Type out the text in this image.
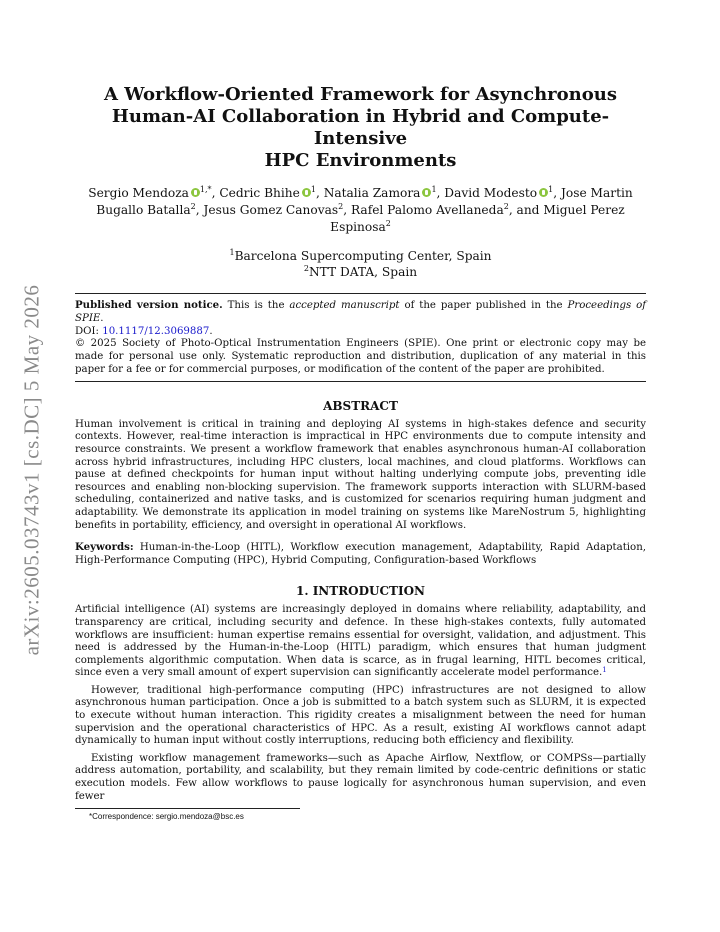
arXiv:2605.03743v1 [cs.DC] 5 May 2026
A Workflow-Oriented Framework for Asynchronous
Human-AI Collaboration in Hybrid and Compute-Intensive
HPC Environments
Sergio Mendoza $^{1,*}$, Cedric Bhihe $^1$, Natalia Zamora $^1$, David Modesto $^1$, Jose Martin Bugallo Batalla$^2$, Jesus Gomez Canovas$^2$, Rafel Palomo Avellaneda$^2$, and Miguel Perez Espinosa$^2$
$^1$Barcelona Supercomputing Center, Spain
$^2$NTT DATA, Spain
Published version notice. This is the accepted manuscript of the paper published in the Proceedings of SPIE.
DOI: 10.1117/12.3069887.
© 2025 Society of Photo-Optical Instrumentation Engineers (SPIE). One print or electronic copy may be made for personal use only. Systematic reproduction and distribution, duplication of any material in this paper for a fee or for commercial purposes, or modification of the content of the paper are prohibited.
ABSTRACT

Human involvement is critical in training and deploying AI systems in high-stakes defence and security contexts. However, real-time interaction is impractical in HPC environments due to compute intensity and resource constraints. We present a workflow framework that enables asynchronous human-AI collaboration across hybrid infrastructures, including HPC clusters, local machines, and cloud platforms. Workflows can pause at defined checkpoints for human input without halting underlying compute jobs, preventing idle resources and enabling non-blocking supervision. The framework supports interaction with SLURM-based scheduling, containerized and native tasks, and is customized for scenarios requiring human judgment and adaptability. We demonstrate its application in model training on systems like MareNostrum 5, highlighting benefits in portability, efficiency, and oversight in operational AI workflows.

Keywords: Human-in-the-Loop (HITL), Workflow execution management, Adaptability, Rapid Adaptation, High-Performance Computing (HPC), Hybrid Computing, Configuration-based Workflows
1. INTRODUCTION

Artificial intelligence (AI) systems are increasingly deployed in domains where reliability, adaptability, and transparency are critical, including security and defence. In these high-stakes contexts, fully automated workflows are insufficient: human expertise remains essential for oversight, validation, and adjustment. This need is addressed by the Human-in-the-Loop (HITL) paradigm, which ensures that human judgment complements algorithmic computation. When data is scarce, as in frugal learning, HITL becomes critical, since even a very small amount of expert supervision can significantly accelerate model performance.$^1$

However, traditional high-performance computing (HPC) infrastructures are not designed to allow asynchronous human participation. Once a job is submitted to a batch system such as SLURM, it is expected to execute without human interaction. This rigidity creates a misalignment between the need for human supervision and the operational characteristics of HPC. As a result, existing AI workflows cannot adapt dynamically to human input without costly interruptions, reducing both efficiency and flexibility.

Existing workflow management frameworks—such as Apache Airflow, Nextflow, or COMPSs—partially address automation, portability, and scalability, but they remain limited by code-centric definitions or static execution models. Few allow workflows to pause logically for asynchronous human supervision, and even fewer

*Correspondence: sergio.mendoza@bsc.es
